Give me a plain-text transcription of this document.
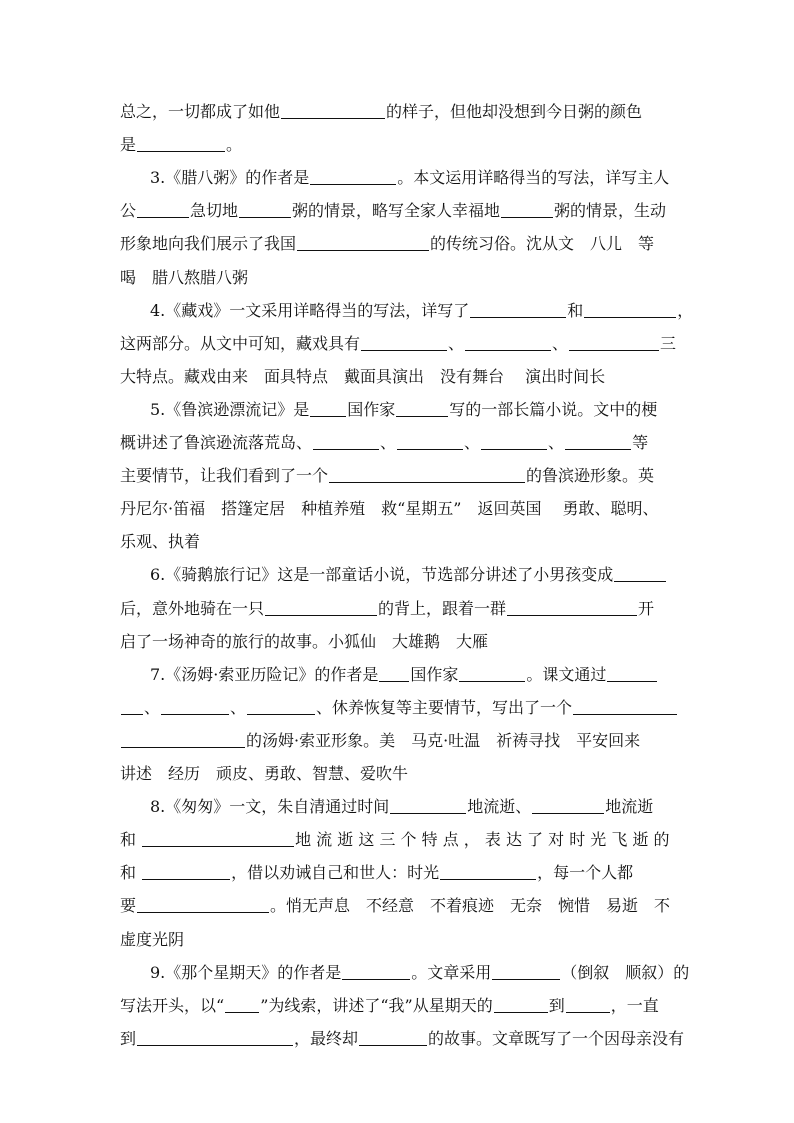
总之，一切都成了如他	的样子，但他却没想到今日粥的颜色
是	。
3.《腊八粥》的作者是	。本文运用详略得当的写法，详写主人
公	急切地	粥的情景，略写全家人幸福地	粥的情景，生动
形象地向我们展示了我国	的传统习俗。沈从文　八儿　等
喝　腊八熬腊八粥
4.《藏戏》一文采用详略得当的写法，详写了	和	，
这两部分。从文中可知，藏戏具有	、	、	三
大特点。藏戏由来　面具特点　戴面具演出　没有舞台　 演出时间长
5.《鲁滨逊漂流记》是 国作家	写的一部长篇小说。文中的梗
概讲述了鲁滨逊流落荒岛、	、	、	、	等
主要情节，让我们看到了一个	的鲁滨逊形象。英
丹尼尔·笛福　搭篷定居　种植养殖　救“星期五”　返回英国　 勇敢、聪明、
乐观、执着
6.《骑鹅旅行记》这是一部童话小说，节选部分讲述了小男孩变成
后，意外地骑在一只	的背上，跟着一群	开
启了一场神奇的旅行的故事。小狐仙　大雄鹅　大雁
7.《汤姆·索亚历险记》的作者是 国作家	。课文通过
、	、	、休养恢复等主要情节，写出了一个
的汤姆·索亚形象。美　马克·吐温　祈祷寻找　平安回来
讲述　经历　顽皮、勇敢、智慧、爱吹牛
8.《匆匆》一文，朱自清通过时间	地流逝、	地流逝
和	地 流 逝 这 三 个 特 点 ， 表 达 了 对 时 光 飞 逝 的
和	，借以劝诫自己和世人：时光	，每一个人都
要	。悄无声息　不经意　不着痕迹　无奈　惋惜　易逝　不
虚度光阴
9.《那个星期天》的作者是	。文章采用	（倒叙　顺叙）的
写法开头，以“ ”为线索，讲述了“我”从星期天的	到	，一直
到	，最终却	的故事。文章既写了一个因母亲没有
